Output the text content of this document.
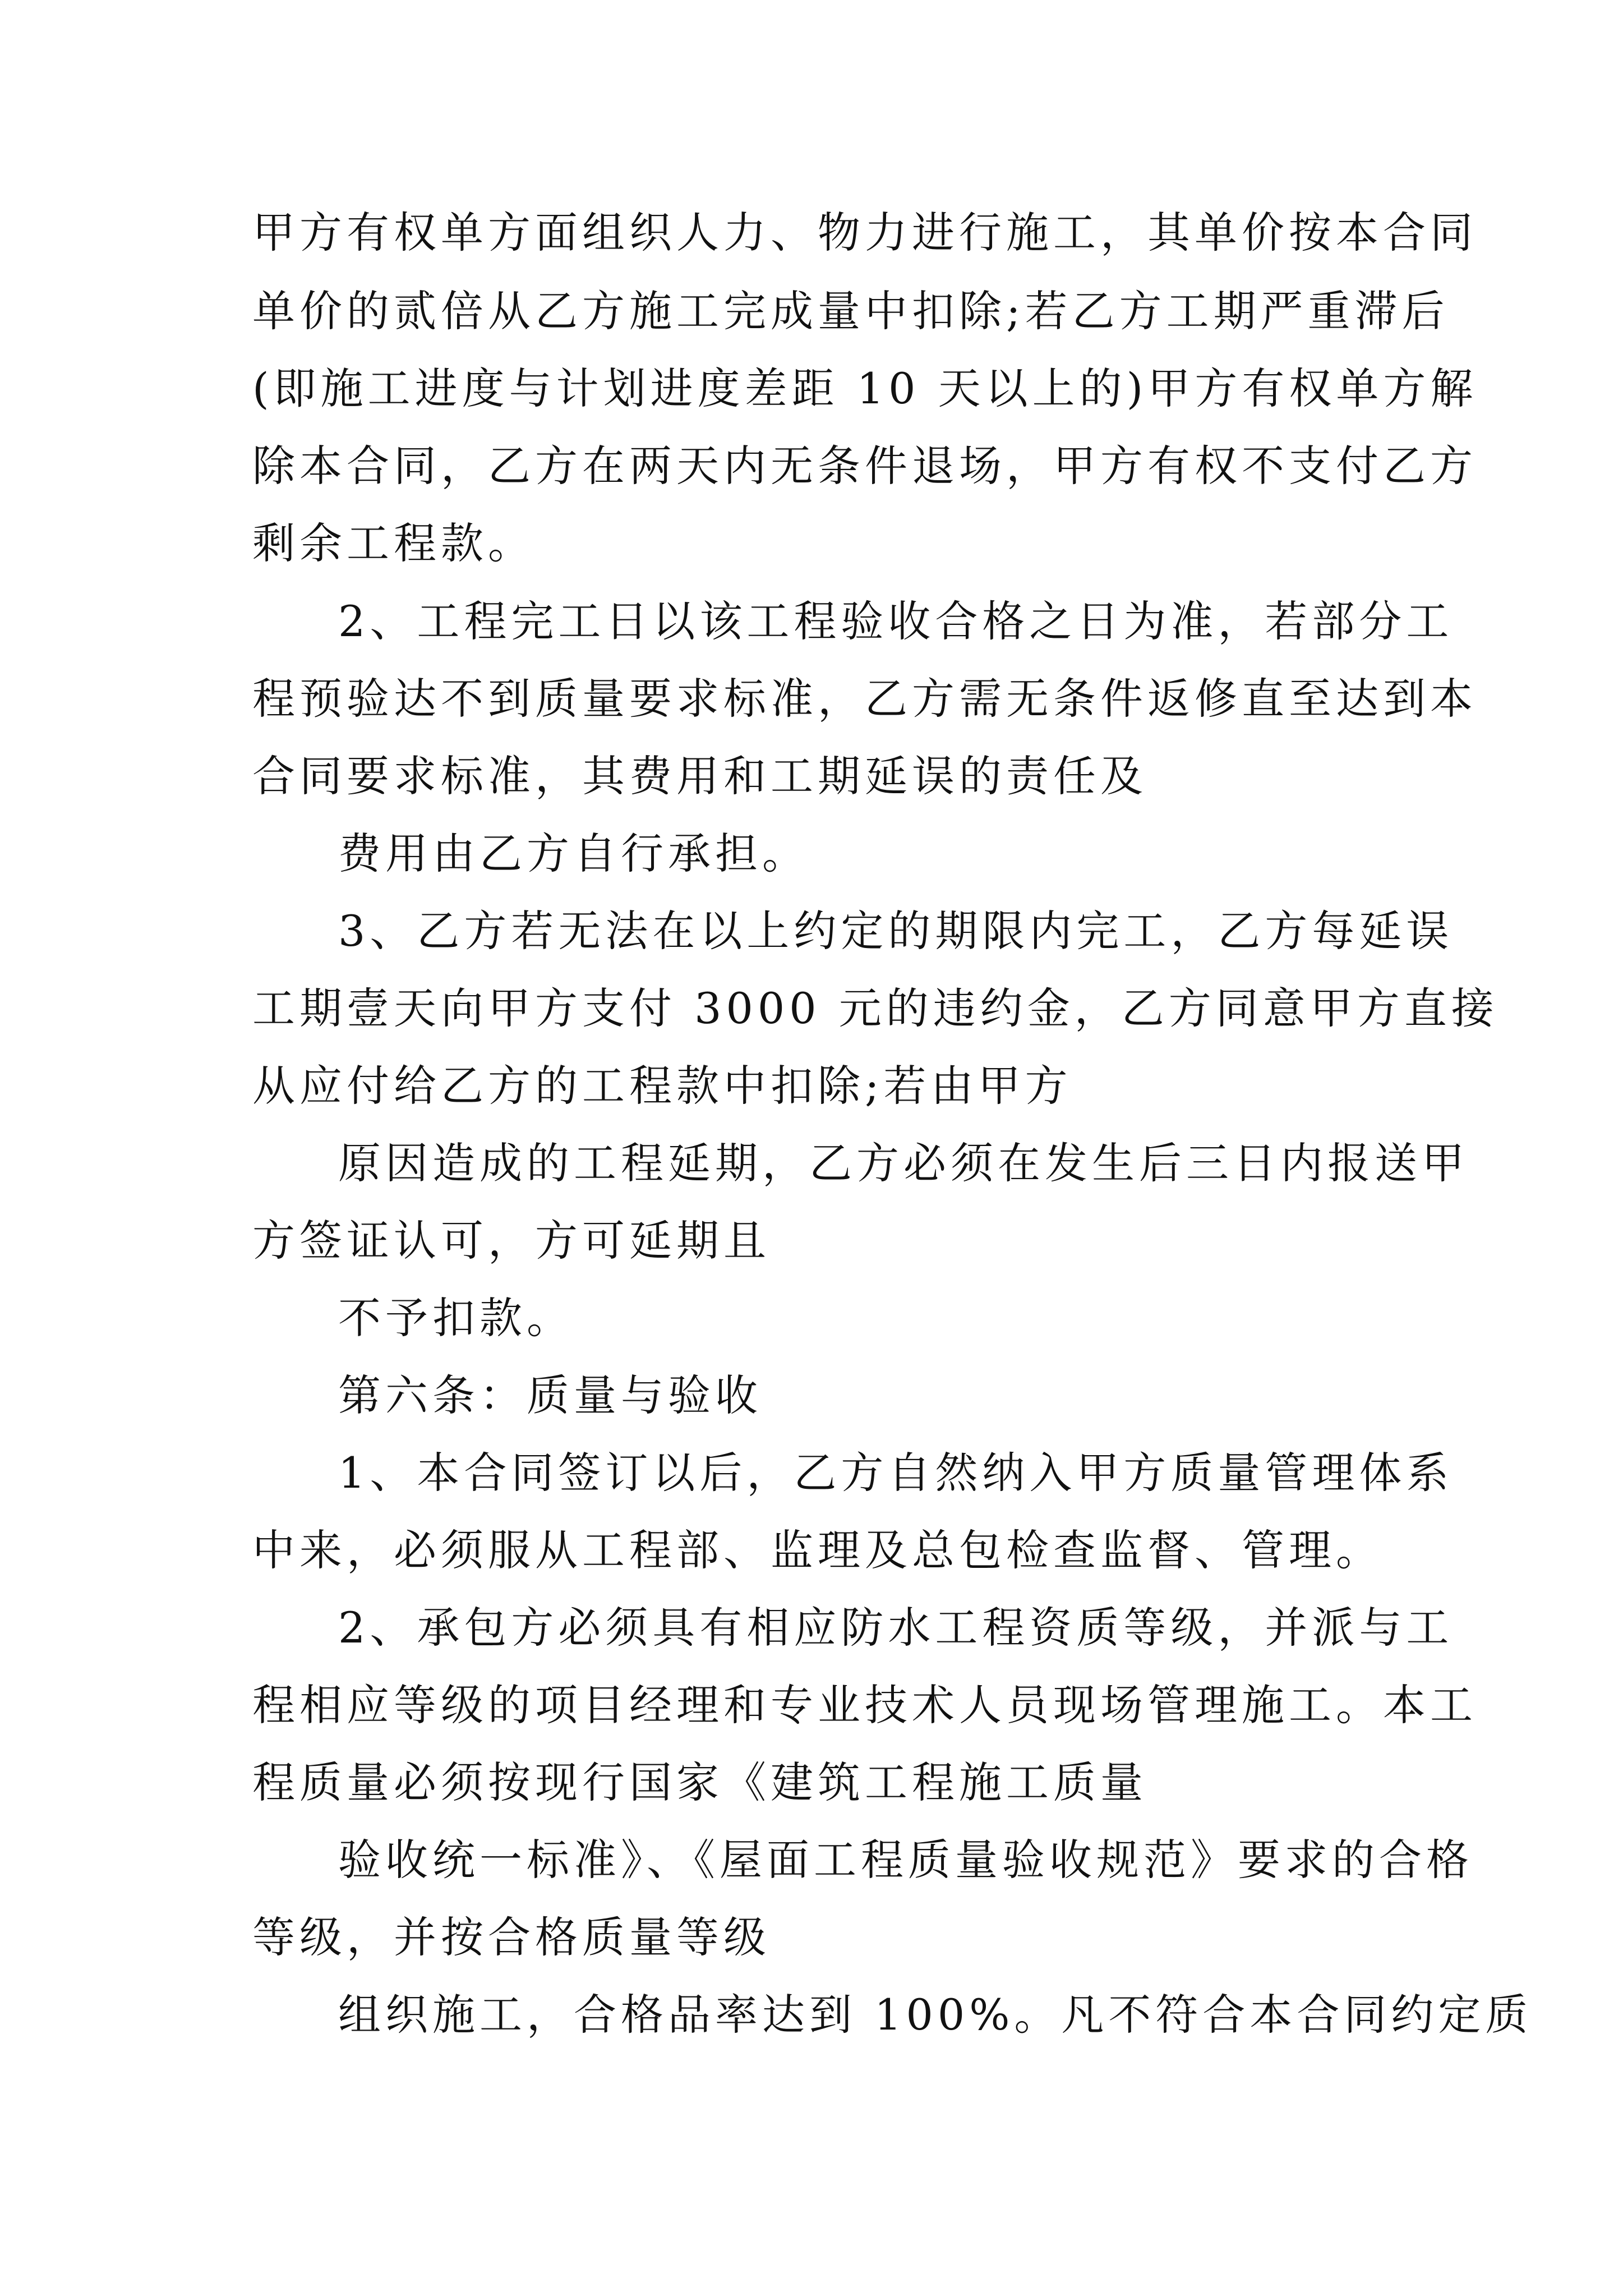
甲方有权单方面组织人力、物力进行施工，其单价按本合同
单价的贰倍从乙方施工完成量中扣除;若乙方工期严重滞后
(即施工进度与计划进度差距 10 天以上的)甲方有权单方解
除本合同，乙方在两天内无条件退场，甲方有权不支付乙方
剩余工程款。
2、工程完工日以该工程验收合格之日为准，若部分工
程预验达不到质量要求标准，乙方需无条件返修直至达到本
合同要求标准，其费用和工期延误的责任及
费用由乙方自行承担。
3、乙方若无法在以上约定的期限内完工，乙方每延误
工期壹天向甲方支付 3000 元的违约金，乙方同意甲方直接
从应付给乙方的工程款中扣除;若由甲方
原因造成的工程延期，乙方必须在发生后三日内报送甲
方签证认可，方可延期且
不予扣款。
第六条：质量与验收
1、本合同签订以后，乙方自然纳入甲方质量管理体系
中来，必须服从工程部、监理及总包检查监督、管理。
2、承包方必须具有相应防水工程资质等级，并派与工
程相应等级的项目经理和专业技术人员现场管理施工。本工
程质量必须按现行国家《建筑工程施工质量
验收统一标准》、《屋面工程质量验收规范》要求的合格
等级，并按合格质量等级
组织施工，合格品率达到 100%。凡不符合本合同约定质
